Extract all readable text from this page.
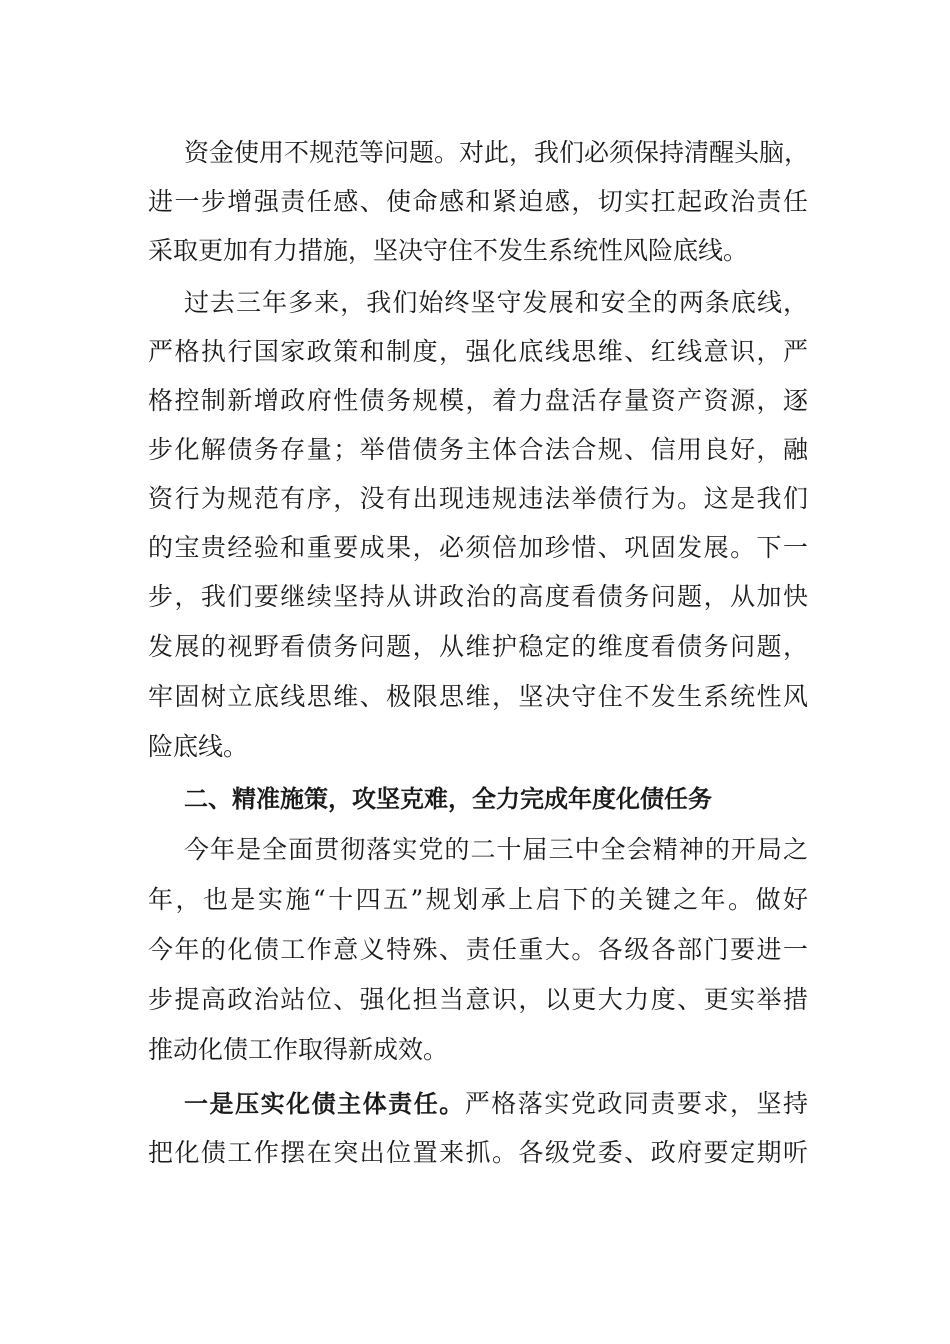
资金使用不规范等问题。对此，我们必须保持清醒头脑，
进一步增强责任感、使命感和紧迫感，切实扛起政治责任
采取更加有力措施，坚决守住不发生系统性风险底线。
过去三年多来，我们始终坚守发展和安全的两条底线，
严格执行国家政策和制度，强化底线思维、红线意识，严
格控制新增政府性债务规模，着力盘活存量资产资源，逐
步化解债务存量；举借债务主体合法合规、信用良好，融
资行为规范有序，没有出现违规违法举债行为。这是我们
的宝贵经验和重要成果，必须倍加珍惜、巩固发展。下一
步，我们要继续坚持从讲政治的高度看债务问题，从加快
发展的视野看债务问题，从维护稳定的维度看债务问题，
牢固树立底线思维、极限思维，坚决守住不发生系统性风
险底线。
二、精准施策，攻坚克难，全力完成年度化债任务
今年是全面贯彻落实党的二十届三中全会精神的开局之
年，也是实施“十四五”规划承上启下的关键之年。做好
今年的化债工作意义特殊、责任重大。各级各部门要进一
步提高政治站位、强化担当意识，以更大力度、更实举措
推动化债工作取得新成效。
一是压实化债主体责任。严格落实党政同责要求，坚持
把化债工作摆在突出位置来抓。各级党委、政府要定期听
